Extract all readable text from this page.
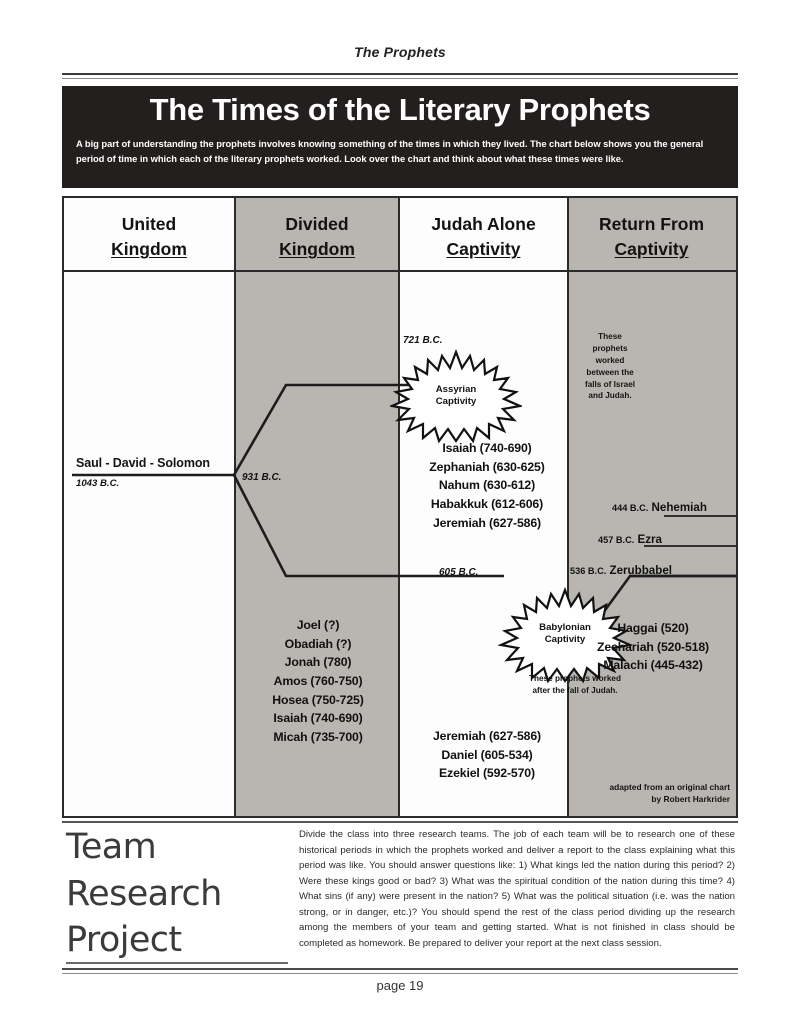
The Prophets
The Times of the Literary Prophets
A big part of understanding the prophets involves knowing something of the times in which they lived. The chart below shows you the general period of time in which each of the literary prophets worked. Look over the chart and think about what these times were like.
United
Kingdom
Divided
Kingdom
Judah Alone
Captivity
Return From
Captivity
Assyrian
Captivity
Babylonian
Captivity
Saul - David - Solomon
1043 B.C.
931 B.C.
721 B.C.
605 B.C.
These prophets worked between the falls of Israel and Judah.
These prophets worked after the fall of Judah.
Isaiah (740-690)
Zephaniah (630-625)
Nahum (630-612)
Habakkuk (612-606)
Jeremiah (627-586)
Joel (?)
Obadiah (?)
Jonah (780)
Amos (760-750)
Hosea (750-725)
Isaiah (740-690)
Micah (735-700)	Jeremiah (627-586)
Daniel (605-534)
Ezekiel (592-570)
Haggai (520)
Zechariah (520-518)
Malachi (445-432)
444 B.C. Nehemiah
457 B.C. Ezra
536 B.C. Zerubbabel
adapted from an original chart
by Robert Harkrider
Team
Research
Project
Divide the class into three research teams. The job of each team will be to research one of these historical periods in which the prophets worked and deliver a report to the class explaining what this period was like. You should answer questions like: 1) What kings led the nation during this period? 2) Were these kings good or bad? 3) What was the spiritual condition of the nation during this time? 4) What sins (if any) were present in the nation? 5) What was the political situation (i.e. was the nation strong, or in danger, etc.)? You should spend the rest of the class period dividing up the research among the members of your team and getting started. What is not finished in class should be completed as homework. Be prepared to deliver your report at the next class session.
page 19
